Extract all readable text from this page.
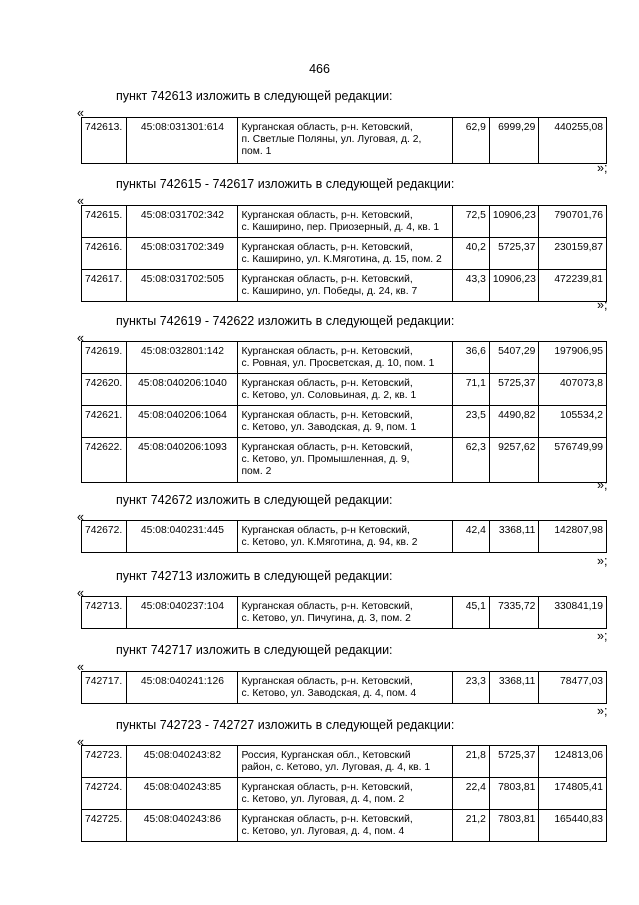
466
пункт 742613 изложить в следующей редакции:
«
742613.	45:08:031301:614	Курганская область, р-н. Кетовский,
п. Светлые Поляны, ул. Луговая, д. 2,
пом. 1
	62,9	6999,29	440255,08
»;
пункты 742615 - 742617 изложить в следующей редакции:
«
742615.	45:08:031702:342	Курганская область, р-н. Кетовский,
с. Каширино, пер. Приозерный, д. 4, кв. 1	72,5	10906,23	790701,76
742616.	45:08:031702:349	Курганская область, р-н. Кетовский,
с. Каширино, ул. К.Мяготина, д. 15, пом. 2	40,2	5725,37	230159,87
742617.	45:08:031702:505	Курганская область, р-н. Кетовский,
с. Каширино, ул. Победы, д. 24, кв. 7	43,3	10906,23	472239,81
»;
пункты 742619 - 742622 изложить в следующей редакции:
«
742619.	45:08:032801:142	Курганская область, р-н. Кетовский,
с. Ровная, ул. Просветская, д. 10, пом. 1	36,6	5407,29	197906,95
742620.	45:08:040206:1040	Курганская область, р-н. Кетовский,
с. Кетово, ул. Соловьиная, д. 2, кв. 1	71,1	5725,37	407073,8
742621.	45:08:040206:1064	Курганская область, р-н. Кетовский,
с. Кетово, ул. Заводская, д. 9, пом. 1	23,5	4490,82	105534,2
742622.	45:08:040206:1093	Курганская область, р-н. Кетовский,
с. Кетово, ул. Промышленная, д. 9,
пом. 2	62,3	9257,62	576749,99
»;
пункт 742672 изложить в следующей редакции:
«
742672.	45:08:040231:445	Курганская область, р-н Кетовский,
с. Кетово, ул. К.Мяготина, д. 94, кв. 2
	42,4	3368,11	142807,98
»;
пункт 742713 изложить в следующей редакции:
«
742713.	45:08:040237:104	Курганская область, р-н. Кетовский,
с. Кетово, ул. Пичугина, д. 3, пом. 2
	45,1	7335,72	330841,19
»;
пункт 742717 изложить в следующей редакции:
«
742717.	45:08:040241:126	Курганская область, р-н. Кетовский,
с. Кетово, ул. Заводская, д. 4, пом. 4
	23,3	3368,11	78477,03
»;
пункты 742723 - 742727 изложить в следующей редакции:
«
742723.	45:08:040243:82	Россия, Курганская обл., Кетовский
район, с. Кетово, ул. Луговая, д. 4, кв. 1	21,8	5725,37	124813,06
742724.	45:08:040243:85	Курганская область, р-н. Кетовский,
с. Кетово, ул. Луговая, д. 4, пом. 2	22,4	7803,81	174805,41
742725.	45:08:040243:86	Курганская область, р-н. Кетовский,
с. Кетово, ул. Луговая, д. 4, пом. 4	21,2	7803,81	165440,83
